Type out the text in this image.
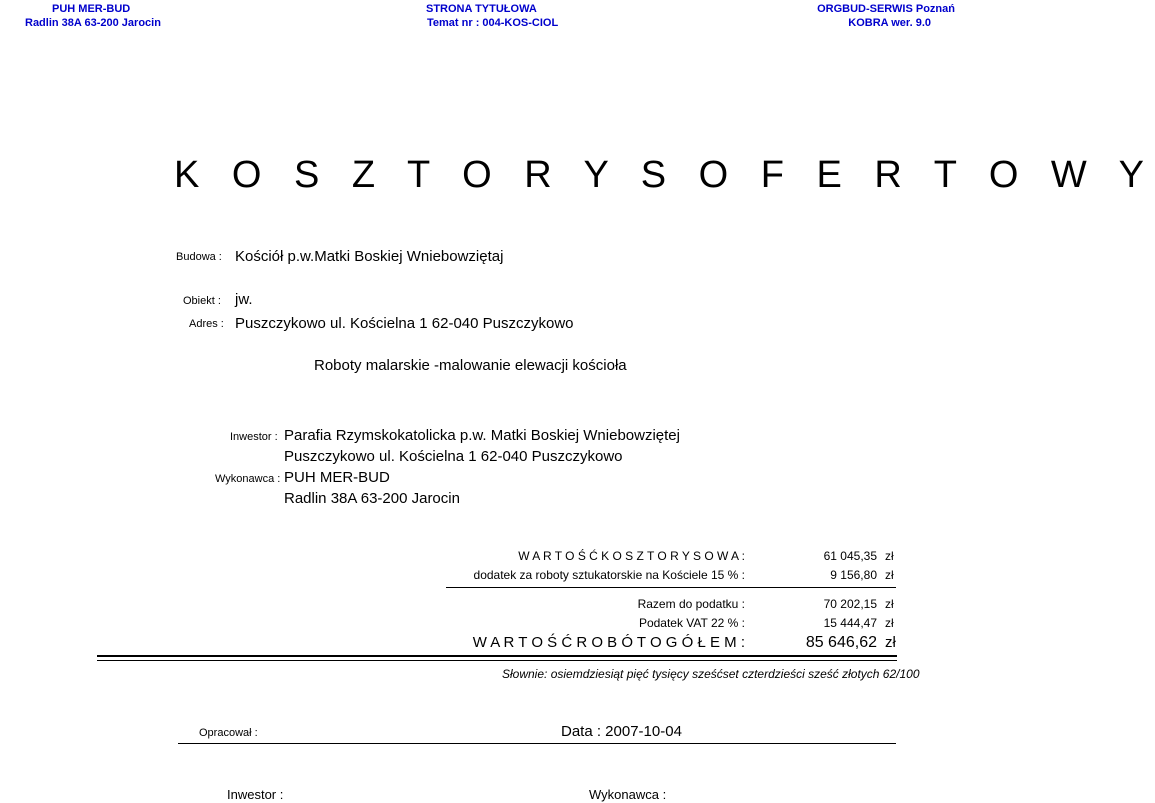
PUH MER-BUD
Radlin 38A 63-200 Jarocin
STRONA TYTUŁOWA
Temat nr : 004-KOS-CIOL
ORGBUD-SERWIS Poznań
KOBRA wer. 9.0
K O S Z T O R Y S O F E R T O W Y
Budowa : Kościół p.w.Matki Boskiej Wniebowziętaj
Obiekt : jw.
Adres : Puszczykowo ul. Kościelna 1 62-040 Puszczykowo
Roboty malarskie -malowanie elewacji kościoła
Inwestor : Parafia Rzymskokatolicka p.w. Matki Boskiej Wniebowziętej
Puszczykowo ul. Kościelna 1 62-040 Puszczykowo
Wykonawca : PUH MER-BUD
Radlin 38A 63-200 Jarocin
W A R T O Ś Ć K O S Z T O R Y S O W A :	61 045,35 zł
dodatek za roboty sztukatorskie na Kościele 15 % :	9 156,80 zł
Razem do podatku :	70 202,15 zł
Podatek VAT 22 % :	15 444,47 zł
W A R T O Ś Ć R O B Ó T O G Ó Ł E M :	85 646,62 zł
Słownie: osiemdziesiąt pięć tysięcy sześćset czterdzieści sześć złotych 62/100
Opracował :	Data : 2007-10-04
Inwestor :	Wykonawca :
